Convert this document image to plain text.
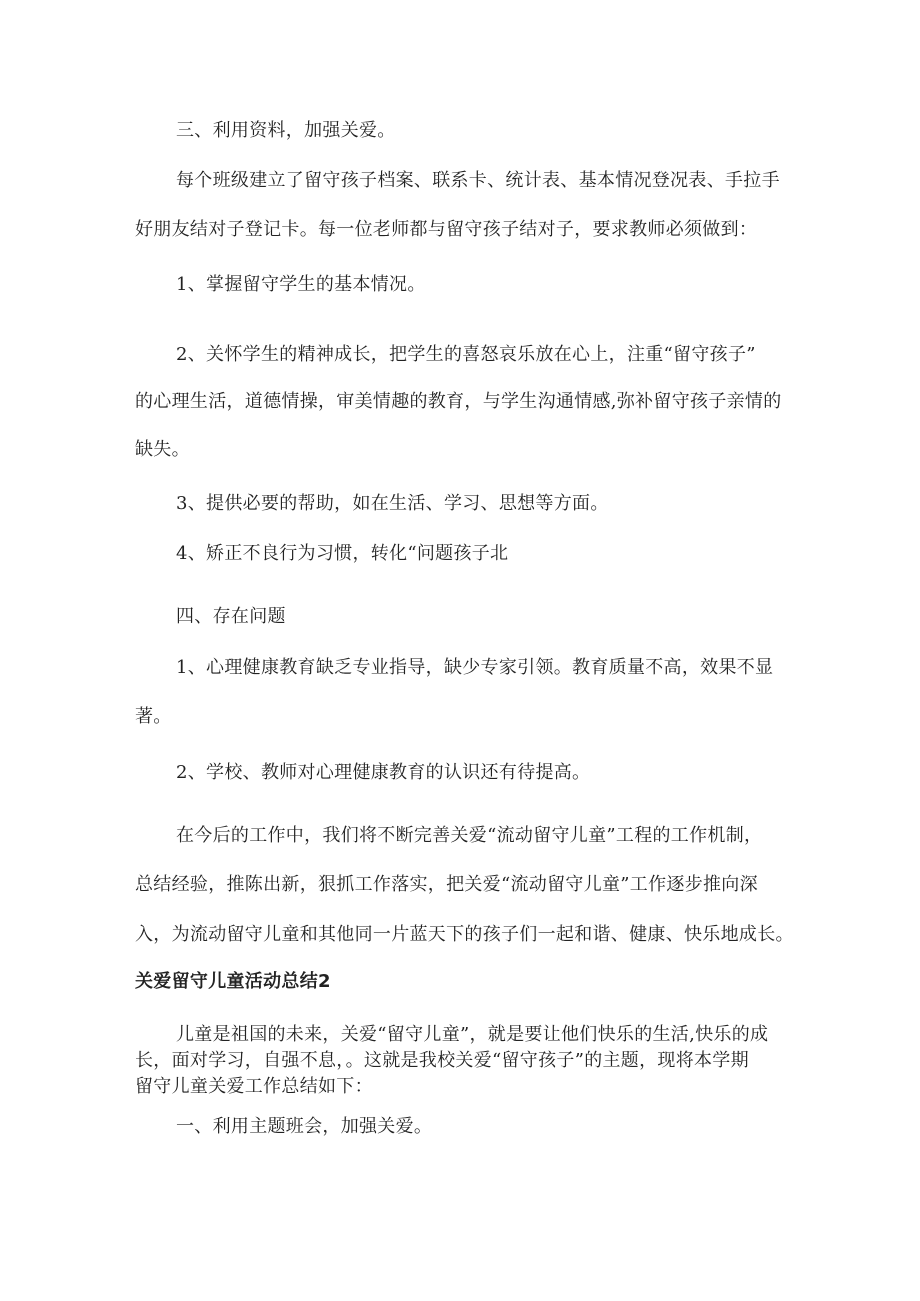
三、利用资料，加强关爱。
每个班级建立了留守孩子档案、联系卡、统计表、基本情况登况表、手拉手
好朋友结对子登记卡。每一位老师都与留守孩子结对子，要求教师必须做到：
1、掌握留守学生的基本情况。
2、关怀学生的精神成长，把学生的喜怒哀乐放在心上，注重“留守孩子”
的心理生活，道德情操，审美情趣的教育，与学生沟通情感,弥补留守孩子亲情的
缺失。
3、提供必要的帮助，如在生活、学习、思想等方面。
4、矫正不良行为习惯，转化“问题孩子北
四、存在问题
1、心理健康教育缺乏专业指导，缺少专家引领。教育质量不高，效果不显
著。
2、学校、教师对心理健康教育的认识还有待提高。
在今后的工作中，我们将不断完善关爱“流动留守儿童”工程的工作机制，
总结经验，推陈出新，狠抓工作落实，把关爱“流动留守儿童”工作逐步推向深
入，为流动留守儿童和其他同一片蓝天下的孩子们一起和谐、健康、快乐地成长。
关爱留守儿童活动总结2
儿童是祖国的未来，关爱“留守儿童”，就是要让他们快乐的生活,快乐的成
长，面对学习，自强不息，。这就是我校关爱“留守孩子”的主题，现将本学期
留守儿童关爱工作总结如下：
一、利用主题班会，加强关爱。
